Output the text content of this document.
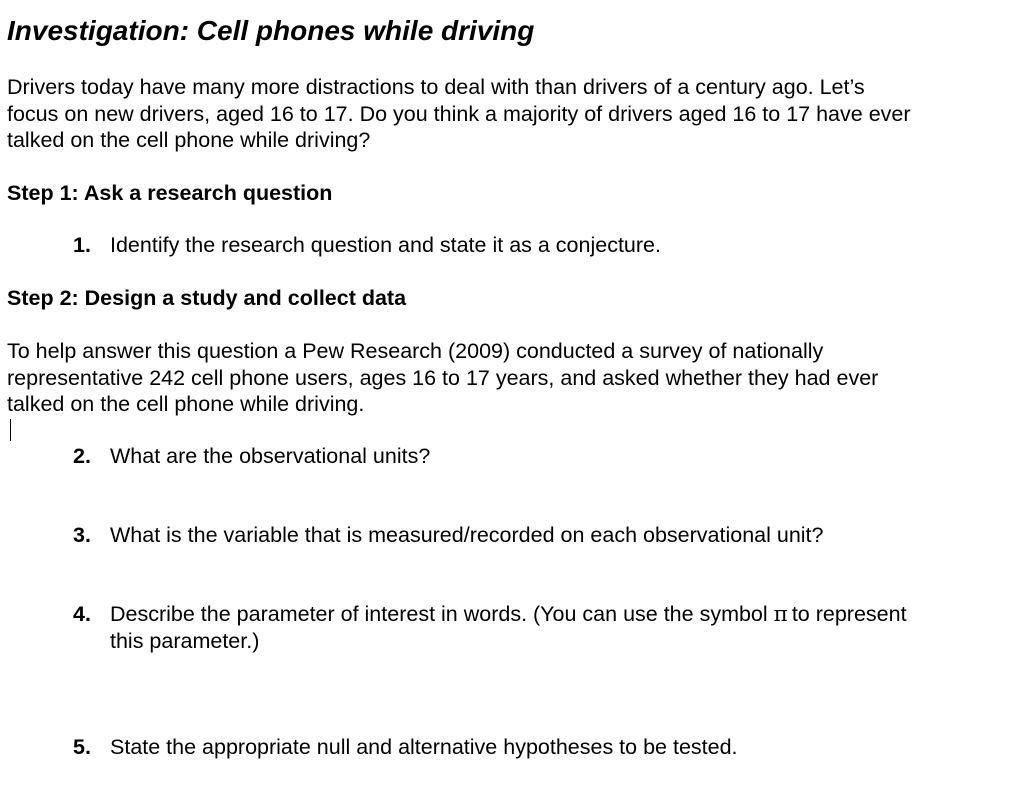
Investigation: Cell phones while driving
Drivers today have many more distractions to deal with than drivers of a century ago. Let’s
focus on new drivers, aged 16 to 17. Do you think a majority of drivers aged 16 to 17 have ever
talked on the cell phone while driving?
Step 1: Ask a research question
1. Identify the research question and state it as a conjecture.
Step 2: Design a study and collect data
To help answer this question a Pew Research (2009) conducted a survey of nationally
representative 242 cell phone users, ages 16 to 17 years, and asked whether they had ever
talked on the cell phone while driving.
2. What are the observational units?
3. What is the variable that is measured/recorded on each observational unit?
4. Describe the parameter of interest in words. (You can use the symbol π to represent
this parameter.)
5. State the appropriate null and alternative hypotheses to be tested.
